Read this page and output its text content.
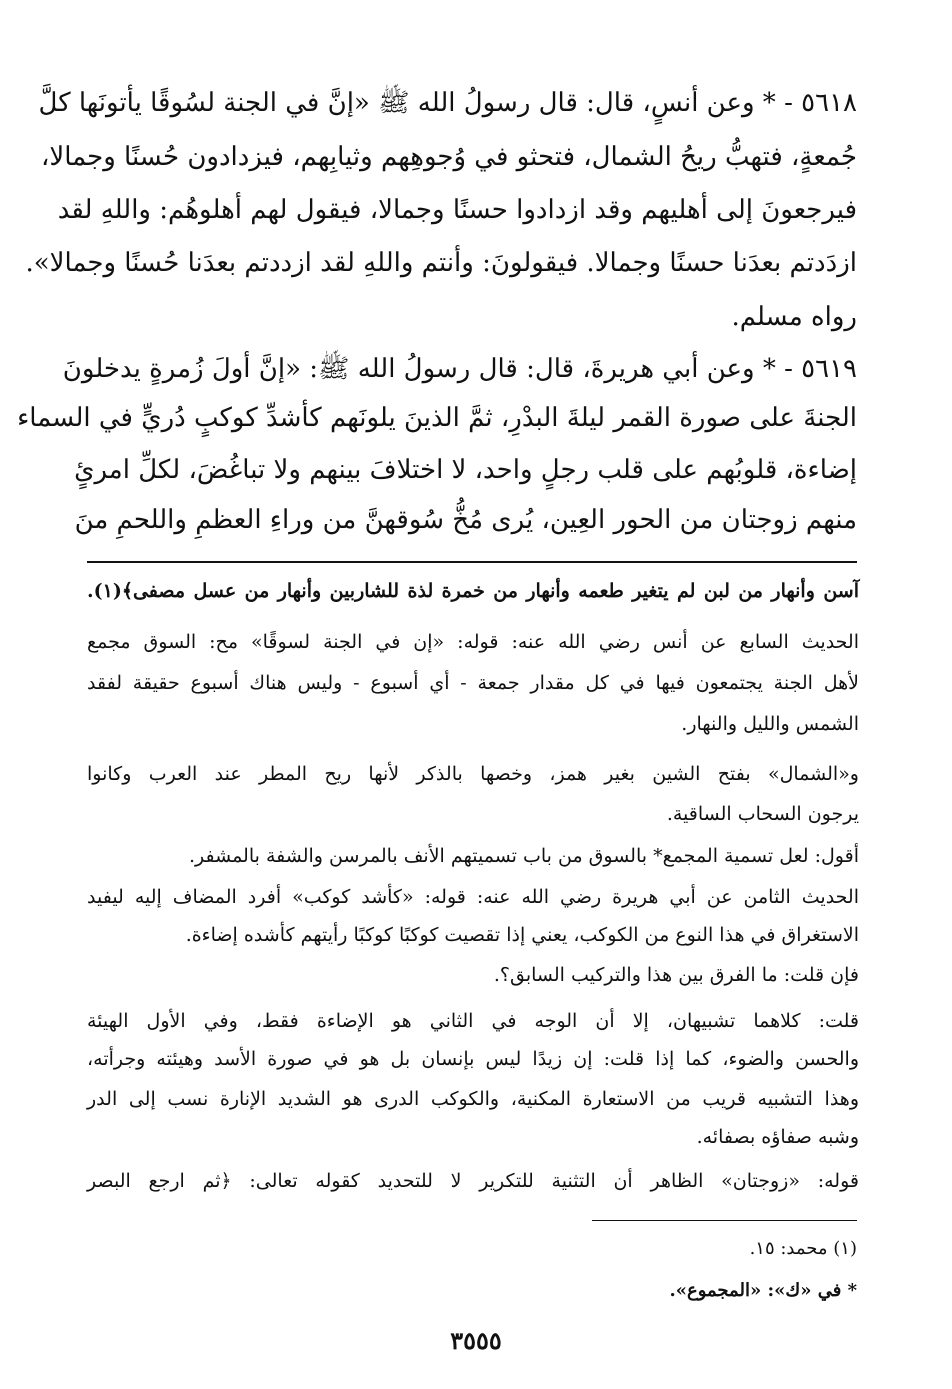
٥٦١٨ - * وعن أنسٍ، قال: قال رسولُ الله ﷺ «إنَّ في الجنة لسُوقًا يأتونَها كلَّ
جُمعةٍ، فتهبُّ ريحُ الشمال، فتحثو في وُجوهِهم وثيابِهم، فيزدادون حُسنًا وجمالا،
فيرجعونَ إلى أهليهم وقد ازدادوا حسنًا وجمالا، فيقول لهم أهلوهُم: واللهِ لقد
ازدَدتم بعدَنا حسنًا وجمالا. فيقولونَ: وأنتم واللهِ لقد ازددتم بعدَنا حُسنًا وجمالا».
رواه مسلم.
٥٦١٩ - * وعن أبي هريرةَ، قال: قال رسولُ الله ﷺ: «إنَّ أولَ زُمرةٍ يدخلونَ
الجنةَ على صورة القمر ليلةَ البدْرِ، ثمَّ الذينَ يلونَهم كأشدِّ كوكبٍ دُريٍّ في السماء
إضاءة، قلوبُهم على قلب رجلٍ واحد، لا اختلافَ بينهم ولا تباغُضَ، لكلِّ امرئٍ
منهم زوجتان من الحور العِين، يُرى مُخُّ سُوقهنَّ من وراءِ العظمِ واللحمِ منَ
آسن وأنهار من لبن لم يتغير طعمه وأنهار من خمرة لذة للشاربين وأنهار من عسل مصفى﴾(١).
الحديث السابع عن أنس رضي الله عنه: قوله: «إن في الجنة لسوقًا» مح: السوق مجمع
لأهل الجنة يجتمعون فيها في كل مقدار جمعة - أي أسبوع - وليس هناك أسبوع حقيقة لفقد
الشمس والليل والنهار.
و«الشمال» بفتح الشين بغير همز، وخصها بالذكر لأنها ريح المطر عند العرب وكانوا
يرجون السحاب الساقية.
أقول: لعل تسمية المجمع* بالسوق من باب تسميتهم الأنف بالمرسن والشفة بالمشفر.
الحديث الثامن عن أبي هريرة رضي الله عنه: قوله: «كأشد كوكب» أفرد المضاف إليه ليفيد
الاستغراق في هذا النوع من الكوكب، يعني إذا تقصيت كوكبًا كوكبًا رأيتهم كأشده إضاءة.
فإن قلت: ما الفرق بين هذا والتركيب السابق؟.
قلت: كلاهما تشبيهان، إلا أن الوجه في الثاني هو الإضاءة فقط، وفي الأول الهيئة
والحسن والضوء، كما إذا قلت: إن زيدًا ليس بإنسان بل هو في صورة الأسد وهيئته وجرأته،
وهذا التشبيه قريب من الاستعارة المكنية، والكوكب الدرى هو الشديد الإنارة نسب إلى الدر
وشبه صفاؤه بصفائه.
قوله: «زوجتان» الظاهر أن التثنية للتكرير لا للتحديد كقوله تعالى: ﴿ثم ارجع البصر
(١) محمد: ١٥.
* في «ك»: «المجموع».
٣٥٥٥
